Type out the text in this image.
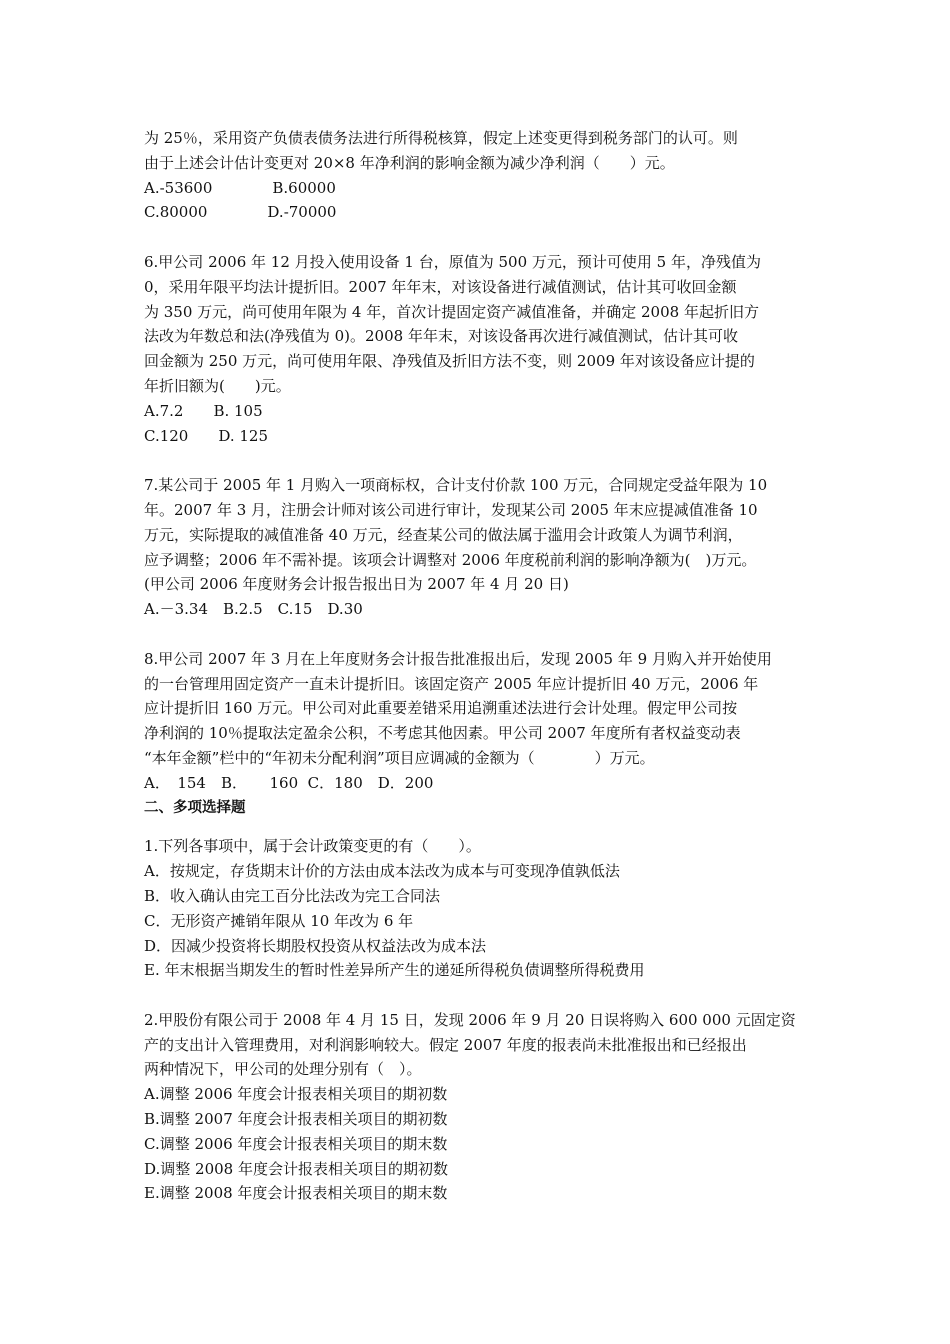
为 25％，采用资产负债表债务法进行所得税核算，假定上述变更得到税务部门的认可。则
由于上述会计估计变更对 20×8 年净利润的影响金额为减少净利润（　　）元。
A.-53600　　　　B.60000
C.80000　　　　D.-70000
6.甲公司 2006 年 12 月投入使用设备 1 台，原值为 500 万元，预计可使用 5 年，净残值为
0，采用年限平均法计提折旧。2007 年年末，对该设备进行减值测试，估计其可收回金额
为 350 万元，尚可使用年限为 4 年，首次计提固定资产减值准备，并确定 2008 年起折旧方
法改为年数总和法(净残值为 0)。2008 年年末，对该设备再次进行减值测试，估计其可收
回金额为 250 万元，尚可使用年限、净残值及折旧方法不变，则 2009 年对该设备应计提的
年折旧额为(　　)元。
A.7.2　　B. 105
C.120　　D. 125
7.某公司于 2005 年 1 月购入一项商标权，合计支付价款 100 万元，合同规定受益年限为 10
年。2007 年 3 月，注册会计师对该公司进行审计，发现某公司 2005 年末应提减值准备 10
万元，实际提取的减值准备 40 万元，经查某公司的做法属于滥用会计政策人为调节利润，
应予调整；2006 年不需补提。该项会计调整对 2006 年度税前利润的影响净额为(　)万元。
(甲公司 2006 年度财务会计报告报出日为 2007 年 4 月 20 日)
A.－3.34　B.2.5　C.15　D.30
8.甲公司 2007 年 3 月在上年度财务会计报告批准报出后，发现 2005 年 9 月购入并开始使用
的一台管理用固定资产一直未计提折旧。该固定资产 2005 年应计提折旧 40 万元，2006 年
应计提折旧 160 万元。甲公司对此重要差错采用追溯重述法进行会计处理。假定甲公司按
净利润的 10％提取法定盈余公积，不考虑其他因素。甲公司 2007 年度所有者权益变动表
“本年金额”栏中的“年初未分配利润”项目应调减的金额为（　　　　）万元。
A．　154　B．　　160  C．180　D．200
二、多项选择题
1.下列各事项中，属于会计政策变更的有（　　）。
A．按规定，存货期末计价的方法由成本法改为成本与可变现净值孰低法
B．收入确认由完工百分比法改为完工合同法
C．无形资产摊销年限从 10 年改为 6 年
D．因减少投资将长期股权投资从权益法改为成本法
E. 年末根据当期发生的暂时性差异所产生的递延所得税负债调整所得税费用
2.甲股份有限公司于 2008 年 4 月 15 日，发现 2006 年 9 月 20 日误将购入 600 000 元固定资
产的支出计入管理费用，对利润影响较大。假定 2007 年度的报表尚未批准报出和已经报出
两种情况下，甲公司的处理分别有（　）。
A.调整 2006 年度会计报表相关项目的期初数
B.调整 2007 年度会计报表相关项目的期初数
C.调整 2006 年度会计报表相关项目的期末数
D.调整 2008 年度会计报表相关项目的期初数
E.调整 2008 年度会计报表相关项目的期末数
